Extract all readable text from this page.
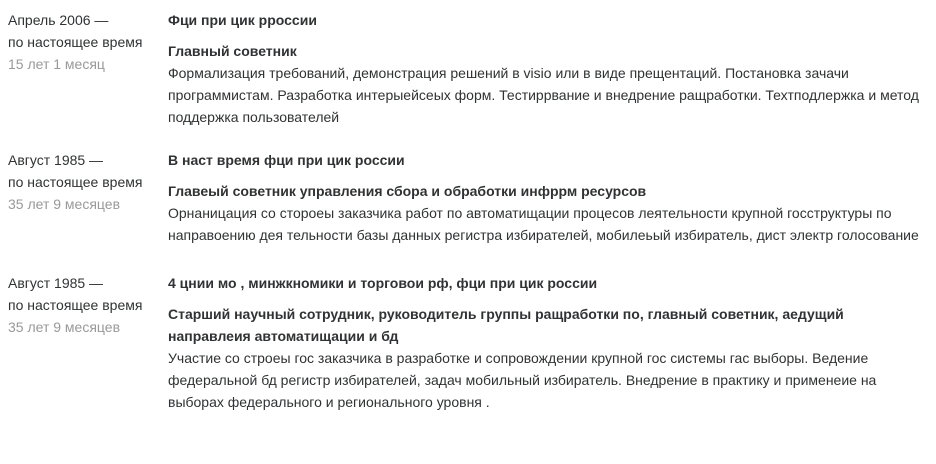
Апрель 2006 —
по настоящее время
15 лет 1 месяц
Фци при цик рроссии
Главный советник
Формализация требований, демонстрация решений в visio или в виде прещентаций. Постановка зачачи программистам. Разработка интерыейсеых форм. Тестиррвание и внедрение ращработки. Техтподлержка и метод поддержка пользователей
Август 1985 —
по настоящее время
35 лет 9 месяцев
В наст время фци при цик россии
Главеый советник управления сбора и обработки инфррм ресурсов
Орнаницация со стороеы заказчика работ по автоматищации процесов леятельности крупной госструктуры по направоению дея тельности базы данных регистра избирателей, мобилеьый избиратель, дист электр голосование
Август 1985 —
по настоящее время
35 лет 9 месяцев
4 цнии мо , минжкномики и торговои рф, фци при цик россии
Старший научный сотрудник, руководитель группы ращработки по, главный советник, аедущий направлеия автоматищации и бд
Участие со строеы гос заказчика в разработке и сопровождении крупной гос системы гас выборы. Ведение федеральной бд регистр избирателей, задач мобильный избиратель. Внедрение в практику и применеие на выборах федерального и регионального уровня .
